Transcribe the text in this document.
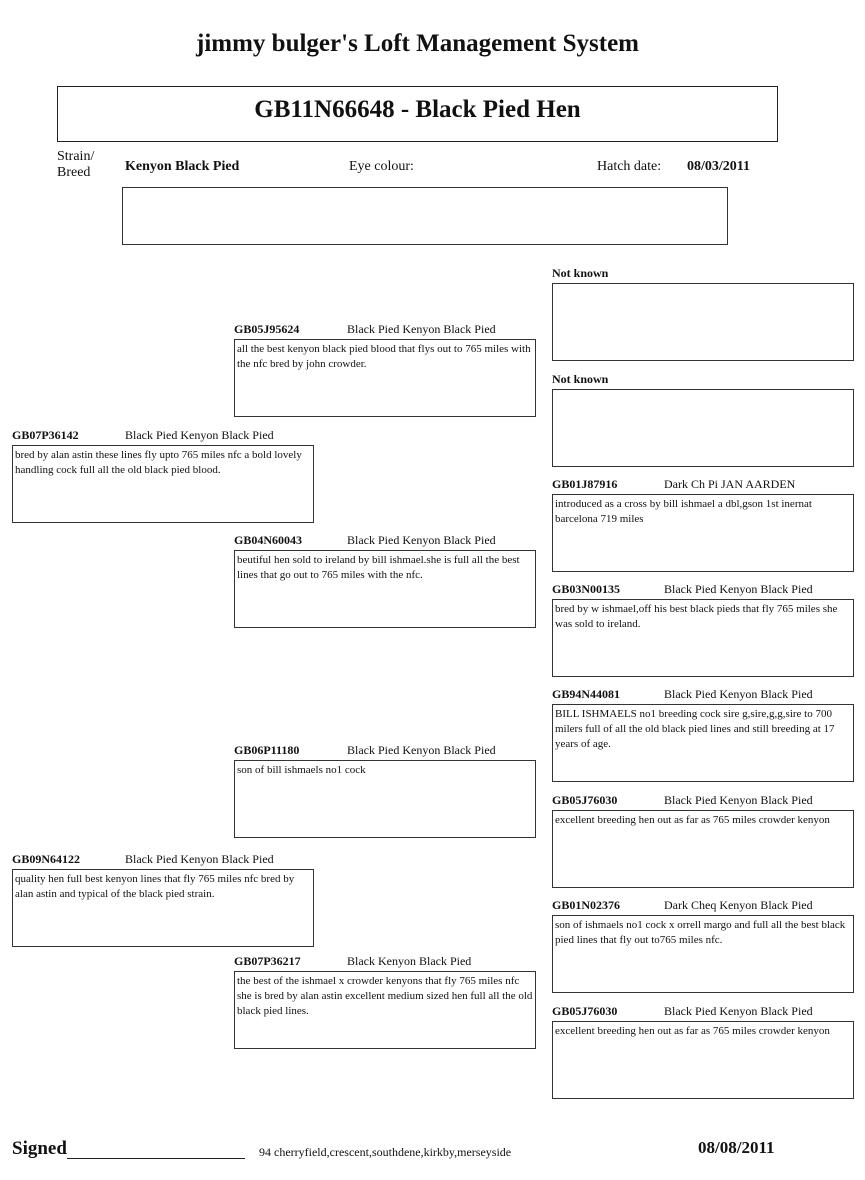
jimmy bulger's Loft Management System
GB11N66648 - Black Pied Hen
Strain/
Breed Kenyon Black Pied	Eye colour:	Hatch date: 08/03/2011
GB07P36142	Black Pied Kenyon Black Pied
bred by alan astin these lines fly upto 765 miles nfc a bold lovely handling cock full all the old black pied blood.
GB09N64122	Black Pied Kenyon Black Pied
quality hen full best kenyon lines that fly 765 miles nfc bred by alan astin and typical of the black pied strain.
GB05J95624	Black Pied Kenyon Black Pied
all the best kenyon black pied blood that flys out to 765 miles with the nfc bred by john crowder.
GB04N60043	Black Pied Kenyon Black Pied
beutiful hen sold to ireland by bill ishmael.she is full all the best lines that go out to 765 miles with the nfc.
GB06P11180	Black Pied Kenyon Black Pied
son of bill ishmaels no1 cock
GB07P36217	Black Kenyon Black Pied
the best of the ishmael x crowder kenyons that fly 765 miles nfc she is bred by alan astin excellent medium sized hen full all the old black pied lines.
Not known
Not known
GB01J87916	Dark Ch Pi JAN AARDEN
introduced as a cross by bill ishmael a dbl,gson 1st inernat barcelona 719 miles
GB03N00135	Black Pied Kenyon Black Pied
bred by w ishmael,off his best black pieds that fly 765 miles she was sold to ireland.
GB94N44081	Black Pied Kenyon Black Pied
BILL ISHMAELS no1 breeding cock sire g,sire,g,g,sire to 700 milers full of all the old black pied lines and still breeding at 17 years of age.
GB05J76030	Black Pied Kenyon Black Pied
excellent breeding hen out as far as 765 miles crowder kenyon
GB01N02376	Dark Cheq Kenyon Black Pied
son of ishmaels no1 cock x orrell margo and full all the best black pied lines that fly out to765 miles nfc.
GB05J76030	Black Pied Kenyon Black Pied
excellent breeding hen out as far as 765 miles crowder kenyon
Signed	94 cherryfield,crescent,southdene,kirkby,merseyside	08/08/2011
